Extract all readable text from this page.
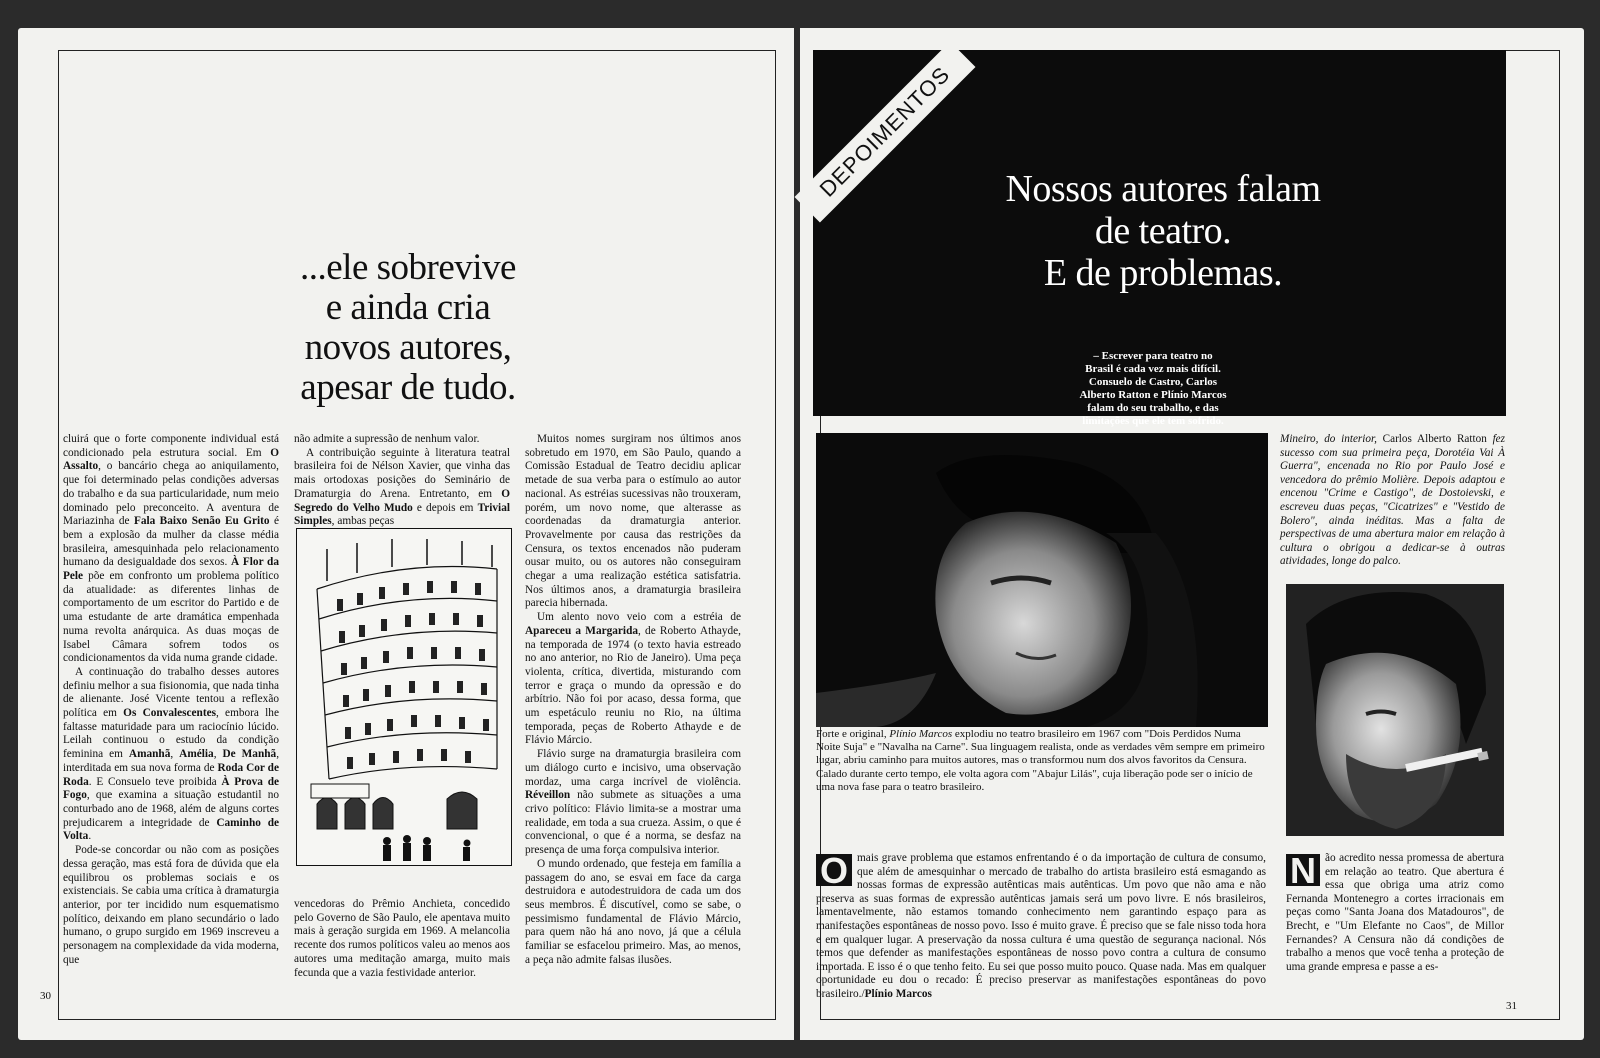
...ele sobrevive
e ainda cria
novos autores,
apesar de tudo.

cluirá que o forte componente individual está condicionado pela estrutura social. Em O Assalto, o bancário chega ao aniquilamento, que foi determinado pelas condições adversas do trabalho e da sua particularidade, num meio dominado pelo preconceito. A aventura de Mariazinha de Fala Baixo Senão Eu Grito é bem a explosão da mulher da classe média brasileira, amesquinhada pelo relacionamento humano da desigualdade dos sexos. À Flor da Pele põe em confronto um problema político da atualidade: as diferentes linhas de comportamento de um escritor do Partido e de uma estudante de arte dramática empenhada numa revolta anárquica. As duas moças de Isabel Câmara sofrem todos os condicionamentos da vida numa grande cidade.

A continuação do trabalho desses autores definiu melhor a sua fisionomia, que nada tinha de alienante. José Vicente tentou a reflexão política em Os Convalescentes, embora lhe faltasse maturidade para um raciocínio lúcido. Leilah continuou o estudo da condição feminina em Amanhã, Amélia, De Manhã, interditada em sua nova forma de Roda Cor de Roda. E Consuelo teve proibida À Prova de Fogo, que examina a situação estudantil no conturbado ano de 1968, além de alguns cortes prejudicarem a integridade de Caminho de Volta.

Pode-se concordar ou não com as posições dessa geração, mas está fora de dúvida que ela equilibrou os problemas sociais e os existenciais. Se cabia uma crítica à dramaturgia anterior, por ter incidido num esquematismo político, deixando em plano secundário o lado humano, o grupo surgido em 1969 inscreveu a personagem na complexidade da vida moderna, que

não admite a supressão de nenhum valor.

A contribuição seguinte à literatura teatral brasileira foi de Nélson Xavier, que vinha das mais ortodoxas posições do Seminário de Dramaturgia do Arena. Entretanto, em O Segredo do Velho Mudo e depois em Trivial Simples, ambas peças

vencedoras do Prêmio Anchieta, concedido pelo Governo de São Paulo, ele apentava muito mais à geração surgida em 1969. A melancolia recente dos rumos políticos valeu ao menos aos autores uma meditação amarga, muito mais fecunda que a vazia festividade anterior.

Muitos nomes surgiram nos últimos anos sobretudo em 1970, em São Paulo, quando a Comissão Estadual de Teatro decidiu aplicar metade de sua verba para o estímulo ao autor nacional. As estréias sucessivas não trouxeram, porém, um novo nome, que alterasse as coordenadas da dramaturgia anterior. Provavelmente por causa das restrições da Censura, os textos encenados não puderam ousar muito, ou os autores não conseguiram chegar a uma realização estética satisfatria. Nos últimos anos, a dramaturgia brasileira parecia hibernada.

Um alento novo veio com a estréia de Apareceu a Margarida, de Roberto Athayde, na temporada de 1974 (o texto havia estreado no ano anterior, no Rio de Janeiro). Uma peça violenta, crítica, divertida, misturando com terror e graça o mundo da opressão e do arbítrio. Não foi por acaso, dessa forma, que um espetáculo reuniu no Rio, na última temporada, peças de Roberto Athayde e de Flávio Márcio.

Flávio surge na dramaturgia brasileira com um diálogo curto e incisivo, uma observação mordaz, uma carga incrível de violência. Réveillon não submete as situações a uma crivo político: Flávio limita-se a mostrar uma realidade, em toda a sua crueza. Assim, o que é convencional, o que é a norma, se desfaz na presença de uma força compulsiva interior.

O mundo ordenado, que festeja em família a passagem do ano, se esvai em face da carga destruidora e autodestruidora de cada um dos seus membros. É discutível, como se sabe, o pessimismo fundamental de Flávio Márcio, para quem não há ano novo, já que a célula familiar se esfacelou primeiro. Mas, ao menos, a peça não admite falsas ilusões.

30
DEPOIMENTOS	Nossos autores falam
de teatro.
E de problemas.
– Escrever para teatro no
Brasil é cada vez mais difícil.
Consuelo de Castro, Carlos
Alberto Ratton e Plínio Marcos
falam do seu trabalho, e das
limitações que ele tem sofrido.
Forte e original, Plínio Marcos explodiu no teatro brasileiro em 1967 com "Dois Perdidos Numa Noite Suja" e "Navalha na Carne". Sua linguagem realista, onde as verdades vêm sempre em primeiro lugar, abriu caminho para muitos autores, mas o transformou num dos alvos favoritos da Censura. Calado durante certo tempo, ele volta agora com "Abajur Lilás", cuja liberação pode ser o início de uma nova fase para o teatro brasileiro.
Mineiro, do interior, Carlos Alberto Ratton fez sucesso com sua primeira peça, Dorotéia Vai À Guerra", encenada no Rio por Paulo José e vencedora do prêmio Molière. Depois adaptou e encenou "Crime e Castigo", de Dostoievski, e escreveu duas peças, "Cicatrizes" e "Vestido de Bolero", ainda inéditas. Mas a falta de perspectivas de uma abertura maior em relação à cultura o obrigou a dedicar-se à outras atividades, longe do palco.

O mais grave problema que estamos enfrentando é o da importação de cultura de consumo, que além de amesquinhar o mercado de trabalho do artista brasileiro está esmagando as nossas formas de expressão autênticas mais autênticas. Um povo que não ama e não preserva as suas formas de expressão autênticas jamais será um povo livre. E nós brasileiros, lamentavelmente, não estamos tomando conhecimento nem garantindo espaço para as manifestações espontâneas de nosso povo. Isso é muito grave. É preciso que se fale nisso toda hora e em qualquer lugar. A preservação da nossa cultura é uma questão de segurança nacional. Nós temos que defender as manifestações espontâneas de nosso povo contra a cultura de consumo importada. E isso é o que tenho feito. Eu sei que posso muito pouco. Quase nada. Mas em qualquer oportunidade eu dou o recado: É preciso preservar as manifestações espontâneas do povo brasileiro./Plínio Marcos

N ão acredito nessa promessa de abertura em relação ao teatro. Que abertura é essa que obriga uma atriz como Fernanda Montenegro a cortes irracionais em peças como "Santa Joana dos Matadouros", de Brecht, e "Um Elefante no Caos", de Millor Fernandes? A Censura não dá condições de trabalho a menos que você tenha a proteção de uma grande empresa e passe a es-

31
